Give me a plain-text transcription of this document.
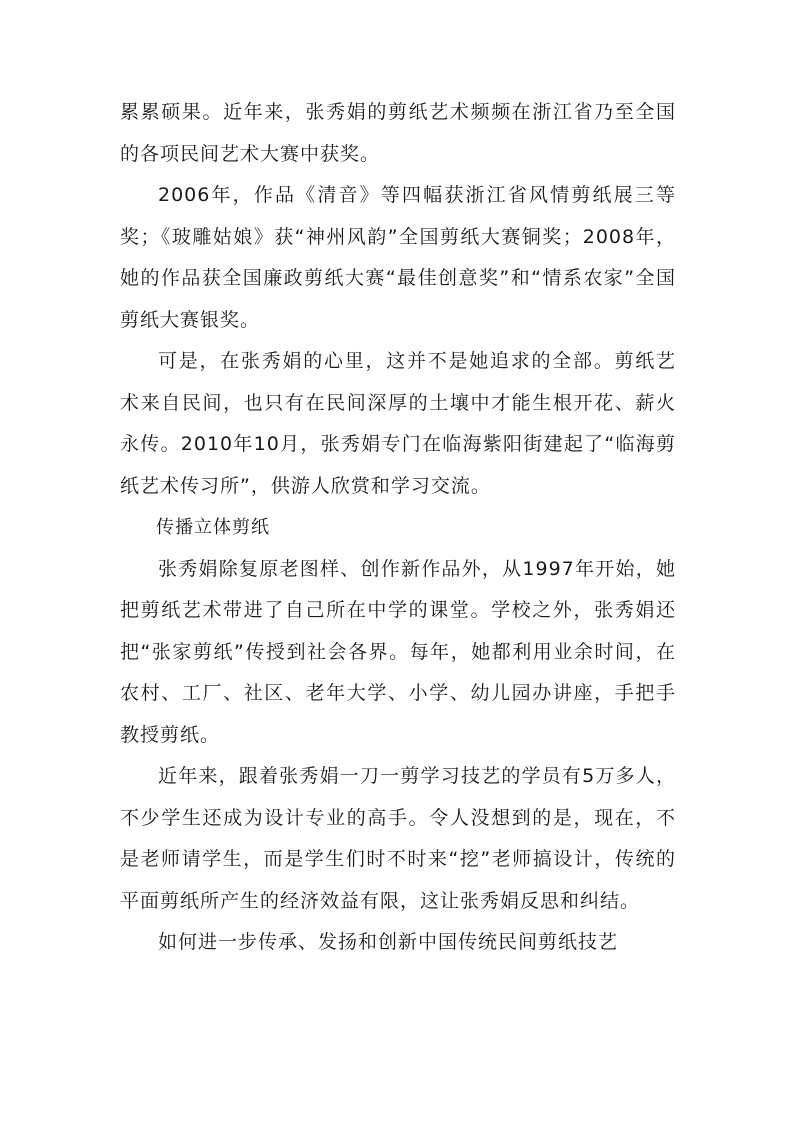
累累硕果。近年来，张秀娟的剪纸艺术频频在浙江省乃至全国的各项民间艺术大赛中获奖。

2006年，作品《清音》等四幅获浙江省风情剪纸展三等奖；《玻雕姑娘》获“神州风韵”全国剪纸大赛铜奖；2008年，她的作品获全国廉政剪纸大赛“最佳创意奖”和“情系农家”全国剪纸大赛银奖。

可是，在张秀娟的心里，这并不是她追求的全部。剪纸艺术来自民间，也只有在民间深厚的土壤中才能生根开花、薪火永传。2010年10月，张秀娟专门在临海紫阳街建起了“临海剪纸艺术传习所”，供游人欣赏和学习交流。

传播立体剪纸

张秀娟除复原老图样、创作新作品外，从1997年开始，她把剪纸艺术带进了自己所在中学的课堂。学校之外，张秀娟还把“张家剪纸”传授到社会各界。每年，她都利用业余时间，在农村、工厂、社区、老年大学、小学、幼儿园办讲座，手把手教授剪纸。

近年来，跟着张秀娟一刀一剪学习技艺的学员有5万多人，不少学生还成为设计专业的高手。令人没想到的是，现在，不是老师请学生，而是学生们时不时来“挖”老师搞设计，传统的平面剪纸所产生的经济效益有限，这让张秀娟反思和纠结。

如何进一步传承、发扬和创新中国传统民间剪纸技艺
